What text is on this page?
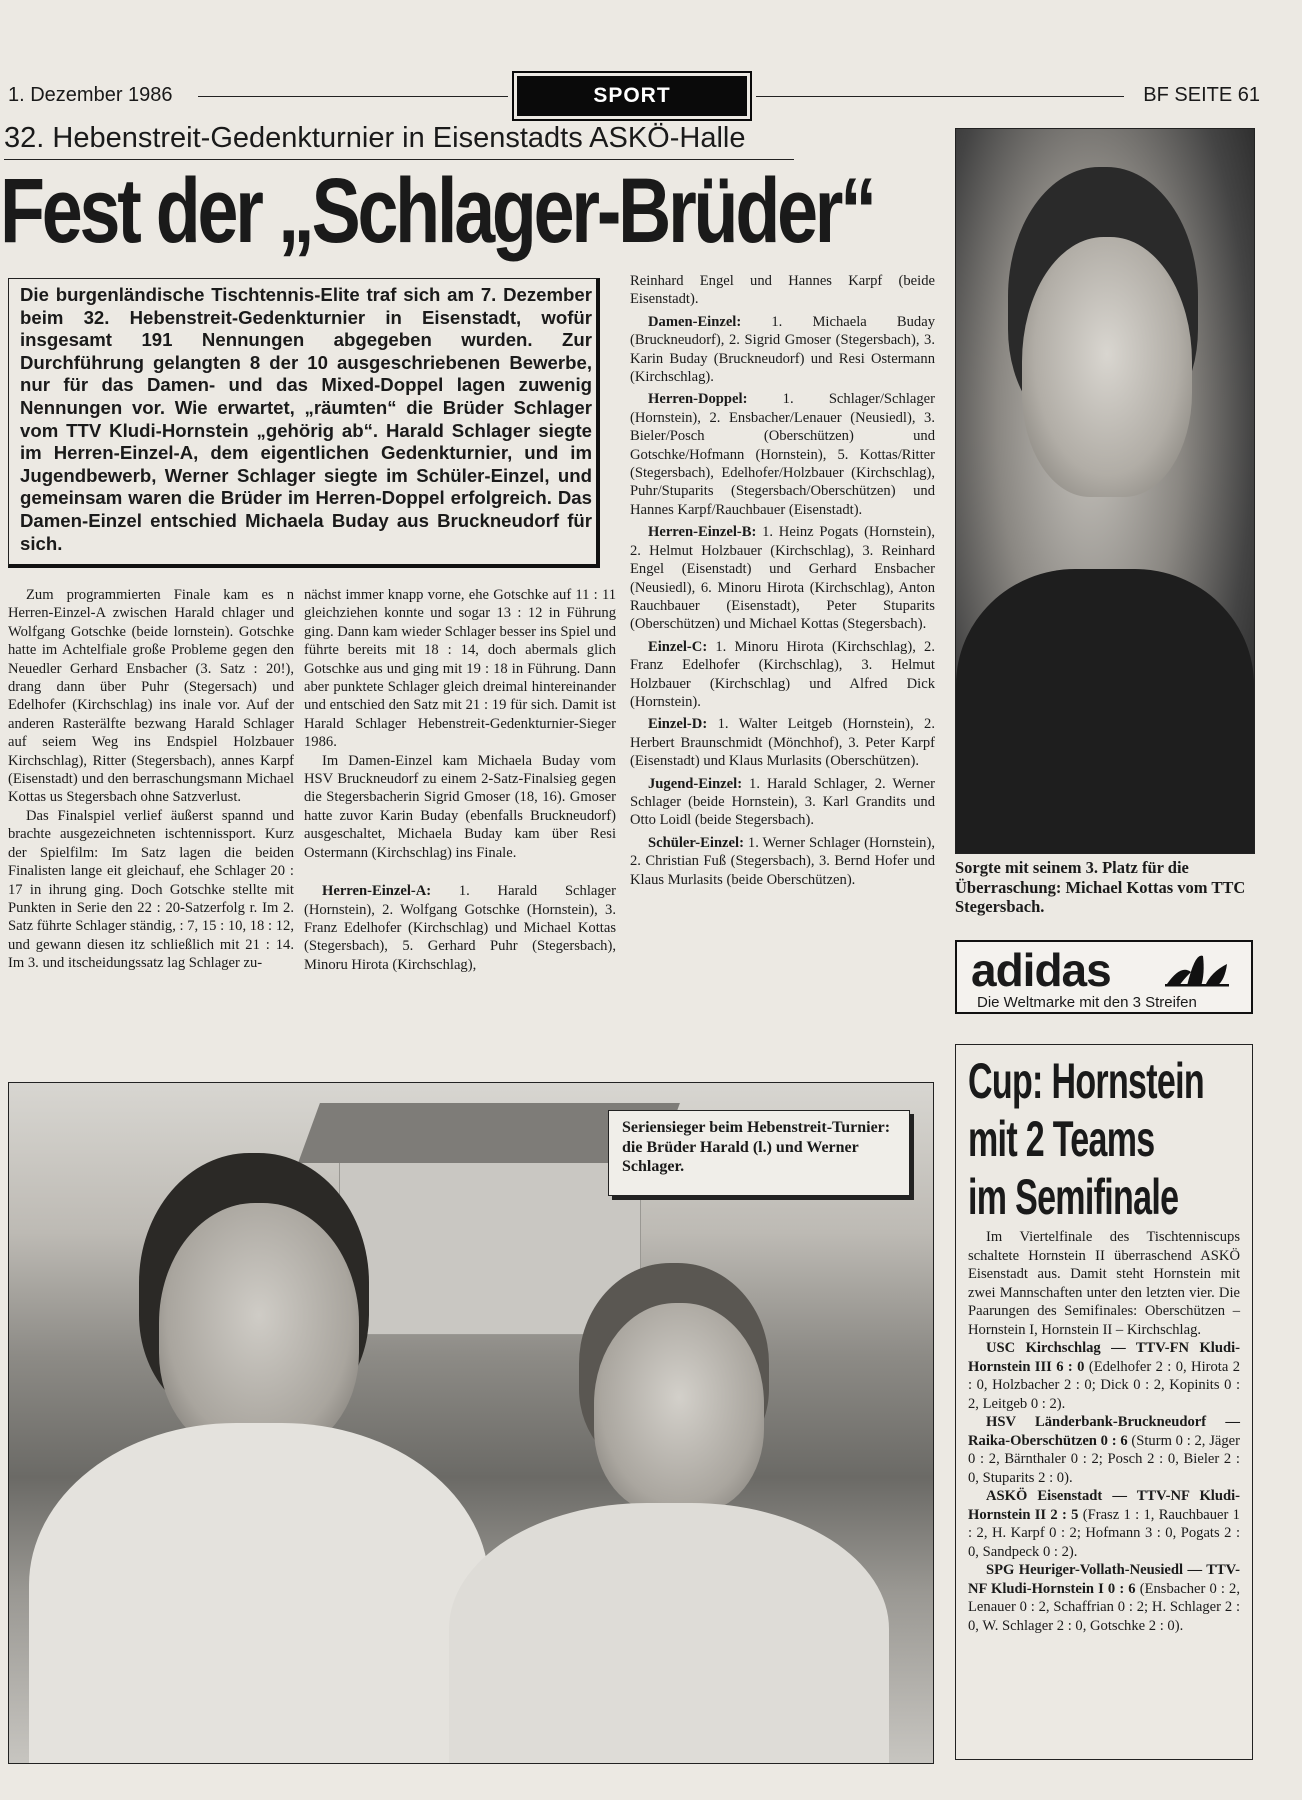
1. Dezember 1986	SPORT	BF SEITE 61
32. Hebenstreit-Gedenkturnier in Eisenstadts ASKÖ-Halle
Fest der „Schlager-Brüder“
Die burgenländische Tischtennis-Elite traf sich am 7. Dezember beim 32. Hebenstreit-Gedenkturnier in Eisenstadt, wofür insgesamt 191 Nennungen abgegeben wurden. Zur Durchführung gelangten 8 der 10 ausgeschriebenen Bewerbe, nur für das Damen- und das Mixed-Doppel lagen zuwenig Nennungen vor. Wie erwartet, „räumten“ die Brüder Schlager vom TTV Kludi-Hornstein „gehörig ab“. Harald Schlager siegte im Herren-Einzel-A, dem eigentlichen Gedenkturnier, und im Jugendbewerb, Werner Schlager siegte im Schüler-Einzel, und gemeinsam waren die Brüder im Herren-Doppel erfolgreich. Das Damen-Einzel entschied Michaela Buday aus Bruckneudorf für sich.

Zum programmierten Finale kam es n Herren-Einzel-A zwischen Harald chlager und Wolfgang Gotschke (beide lornstein). Gotschke hatte im Achtelfiale große Probleme gegen den Neuedler Gerhard Ensbacher (3. Satz : 20!), drang dann über Puhr (Stegersach) und Edelhofer (Kirchschlag) ins inale vor. Auf der anderen Rasterälfte bezwang Harald Schlager auf seiem Weg ins Endspiel Holzbauer Kirchschlag), Ritter (Stegersbach), annes Karpf (Eisenstadt) und den berraschungsmann Michael Kottas us Stegersbach ohne Satzverlust.

Das Finalspiel verlief äußerst spannd und brachte ausgezeichneten ischtennissport. Kurz der Spielfilm: Im Satz lagen die beiden Finalisten lange eit gleichauf, ehe Schlager 20 : 17 in ihrung ging. Doch Gotschke stellte mit Punkten in Serie den 22 : 20-Satzerfolg r. Im 2. Satz führte Schlager ständig, : 7, 15 : 10, 18 : 12, und gewann diesen itz schließlich mit 21 : 14. Im 3. und itscheidungssatz lag Schlager zu-

nächst immer knapp vorne, ehe Gotschke auf 11 : 11 gleichziehen konnte und sogar 13 : 12 in Führung ging. Dann kam wieder Schlager besser ins Spiel und führte bereits mit 18 : 14, doch abermals glich Gotschke aus und ging mit 19 : 18 in Führung. Dann aber punktete Schlager gleich dreimal hintereinander und entschied den Satz mit 21 : 19 für sich. Damit ist Harald Schlager Hebenstreit-Gedenkturnier-Sieger 1986.

Im Damen-Einzel kam Michaela Buday vom HSV Bruckneudorf zu einem 2-Satz-Finalsieg gegen die Stegersbacherin Sigrid Gmoser (18, 16). Gmoser hatte zuvor Karin Buday (ebenfalls Bruckneudorf) ausgeschaltet, Michaela Buday kam über Resi Ostermann (Kirchschlag) ins Finale.

Herren-Einzel-A: 1. Harald Schlager (Hornstein), 2. Wolfgang Gotschke (Hornstein), 3. Franz Edelhofer (Kirchschlag) und Michael Kottas (Stegersbach), 5. Gerhard Puhr (Stegersbach), Minoru Hirota (Kirchschlag),

Reinhard Engel und Hannes Karpf (beide Eisenstadt).

Damen-Einzel: 1. Michaela Buday (Bruckneudorf), 2. Sigrid Gmoser (Stegersbach), 3. Karin Buday (Bruckneudorf) und Resi Ostermann (Kirchschlag).

Herren-Doppel: 1. Schlager/Schlager (Hornstein), 2. Ensbacher/Lenauer (Neusiedl), 3. Bieler/Posch (Oberschützen) und Gotschke/Hofmann (Hornstein), 5. Kottas/Ritter (Stegersbach), Edelhofer/Holzbauer (Kirchschlag), Puhr/Stuparits (Stegersbach/Oberschützen) und Hannes Karpf/Rauchbauer (Eisenstadt).

Herren-Einzel-B: 1. Heinz Pogats (Hornstein), 2. Helmut Holzbauer (Kirchschlag), 3. Reinhard Engel (Eisenstadt) und Gerhard Ensbacher (Neusiedl), 6. Minoru Hirota (Kirchschlag), Anton Rauchbauer (Eisenstadt), Peter Stuparits (Oberschützen) und Michael Kottas (Stegersbach).

Einzel-C: 1. Minoru Hirota (Kirchschlag), 2. Franz Edelhofer (Kirchschlag), 3. Helmut Holzbauer (Kirchschlag) und Alfred Dick (Hornstein).

Einzel-D: 1. Walter Leitgeb (Hornstein), 2. Herbert Braunschmidt (Mönchhof), 3. Peter Karpf (Eisenstadt) und Klaus Murlasits (Oberschützen).

Jugend-Einzel: 1. Harald Schlager, 2. Werner Schlager (beide Hornstein), 3. Karl Grandits und Otto Loidl (beide Stegersbach).

Schüler-Einzel: 1. Werner Schlager (Hornstein), 2. Christian Fuß (Stegersbach), 3. Bernd Hofer und Klaus Murlasits (beide Oberschützen).

Sorgte mit seinem 3. Platz für die Überraschung: Michael Kottas vom TTC Stegersbach.
adidas
Die Weltmarke mit den 3 Streifen
Cup: Hornstein
mit 2 Teams
im Semifinale

Im Viertelfinale des Tischtenniscups schaltete Hornstein II überraschend ASKÖ Eisenstadt aus. Damit steht Hornstein mit zwei Mannschaften unter den letzten vier. Die Paarungen des Semifinales: Oberschützen – Hornstein I, Hornstein II – Kirchschlag.

USC Kirchschlag — TTV-FN Kludi-Hornstein III 6 : 0 (Edelhofer 2 : 0, Hirota 2 : 0, Holzbacher 2 : 0; Dick 0 : 2, Kopinits 0 : 2, Leitgeb 0 : 2).

HSV Länderbank-Bruckneudorf — Raika-Oberschützen 0 : 6 (Sturm 0 : 2, Jäger 0 : 2, Bärnthaler 0 : 2; Posch 2 : 0, Bieler 2 : 0, Stuparits 2 : 0).

ASKÖ Eisenstadt — TTV-NF Kludi-Hornstein II 2 : 5 (Frasz 1 : 1, Rauchbauer 1 : 2, H. Karpf 0 : 2; Hofmann 3 : 0, Pogats 2 : 0, Sandpeck 0 : 2).

SPG Heuriger-Vollath-Neusiedl — TTV-NF Kludi-Hornstein I 0 : 6 (Ensbacher 0 : 2, Lenauer 0 : 2, Schaffrian 0 : 2; H. Schlager 2 : 0, W. Schlager 2 : 0, Gotschke 2 : 0).

Seriensieger beim Hebenstreit-Turnier: die Brüder Harald (l.) und Werner Schlager.
